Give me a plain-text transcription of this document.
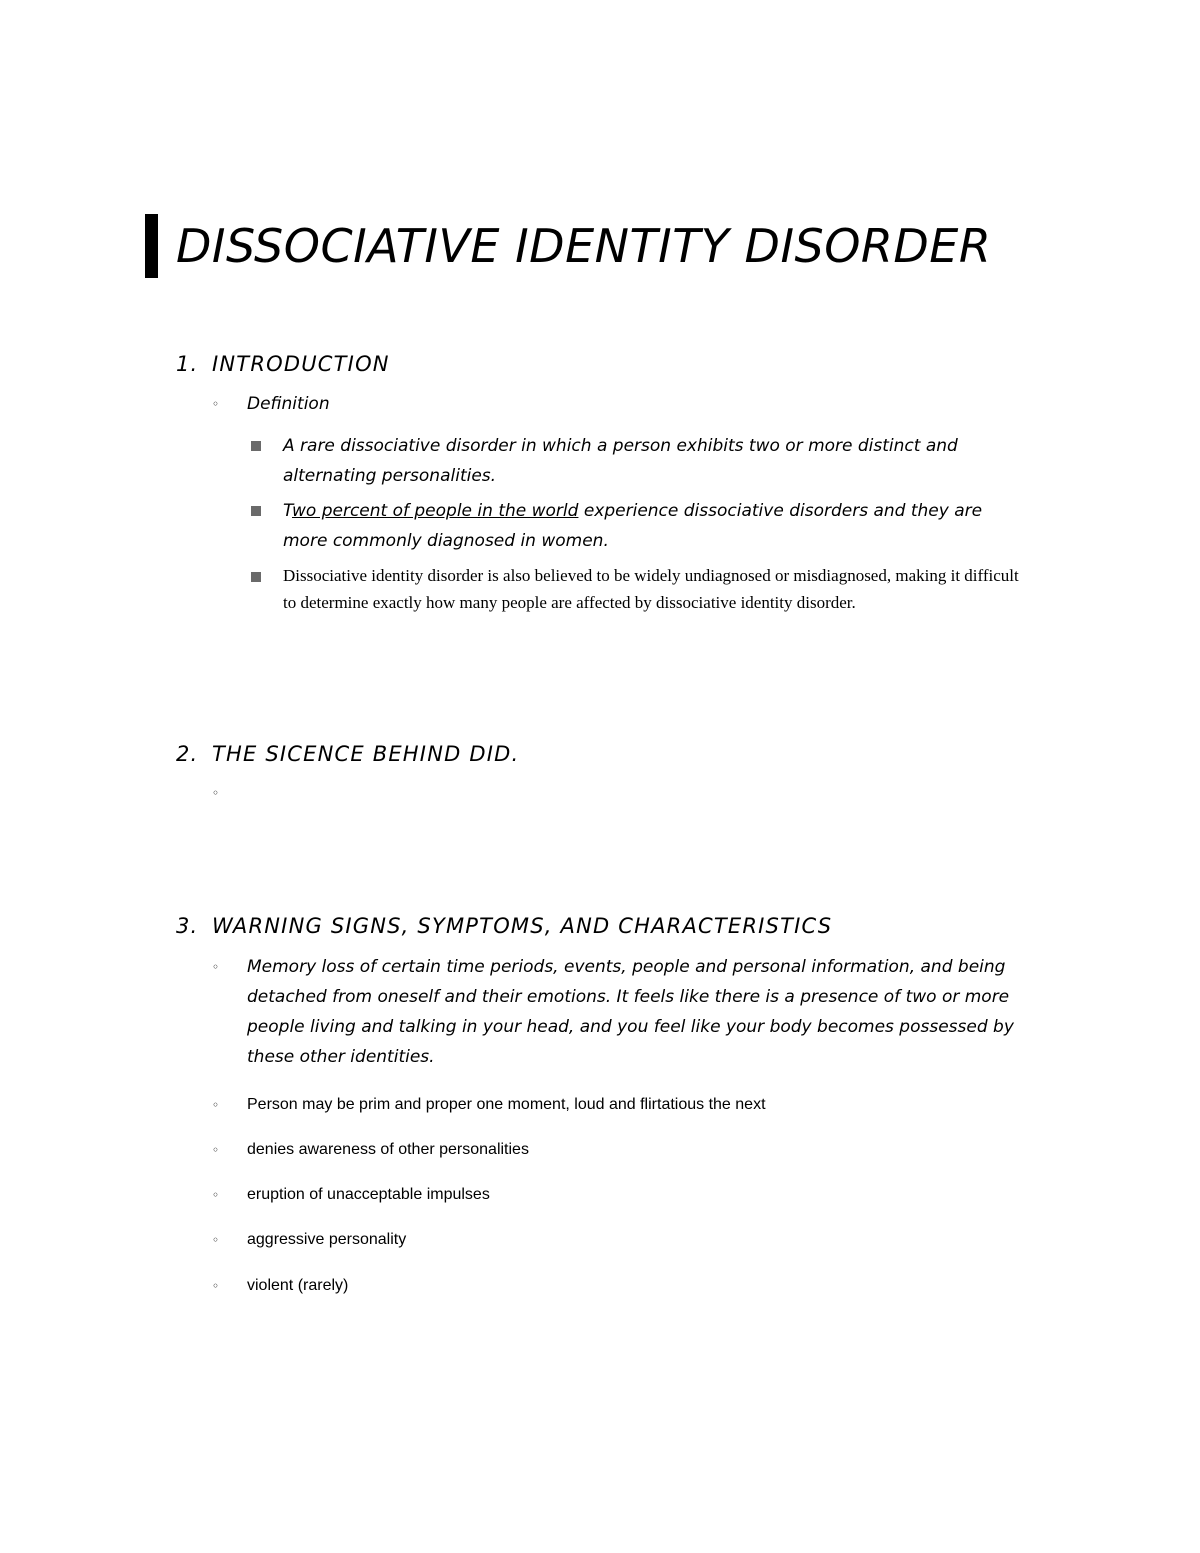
DISSOCIATIVE IDENTITY DISORDER
1. INTRODUCTION
◦ Definition
A rare dissociative disorder in which a person exhibits two or more distinct and alternating personalities.
Two percent of people in the world experience dissociative disorders and they are more commonly diagnosed in women.
Dissociative identity disorder is also believed to be widely undiagnosed or misdiagnosed, making it difficult to determine exactly how many people are affected by dissociative identity disorder.
2. THE SICENCE BEHIND DID.
◦
3. WARNING SIGNS, SYMPTOMS, AND CHARACTERISTICS
◦ Memory loss of certain time periods, events, people and personal information, and being detached from oneself and their emotions. It feels like there is a presence of two or more people living and talking in your head, and you feel like your body becomes possessed by these other identities.
◦ Person may be prim and proper one moment, loud and flirtatious the next
◦ denies awareness of other personalities
◦ eruption of unacceptable impulses
◦ aggressive personality
◦ violent (rarely)
